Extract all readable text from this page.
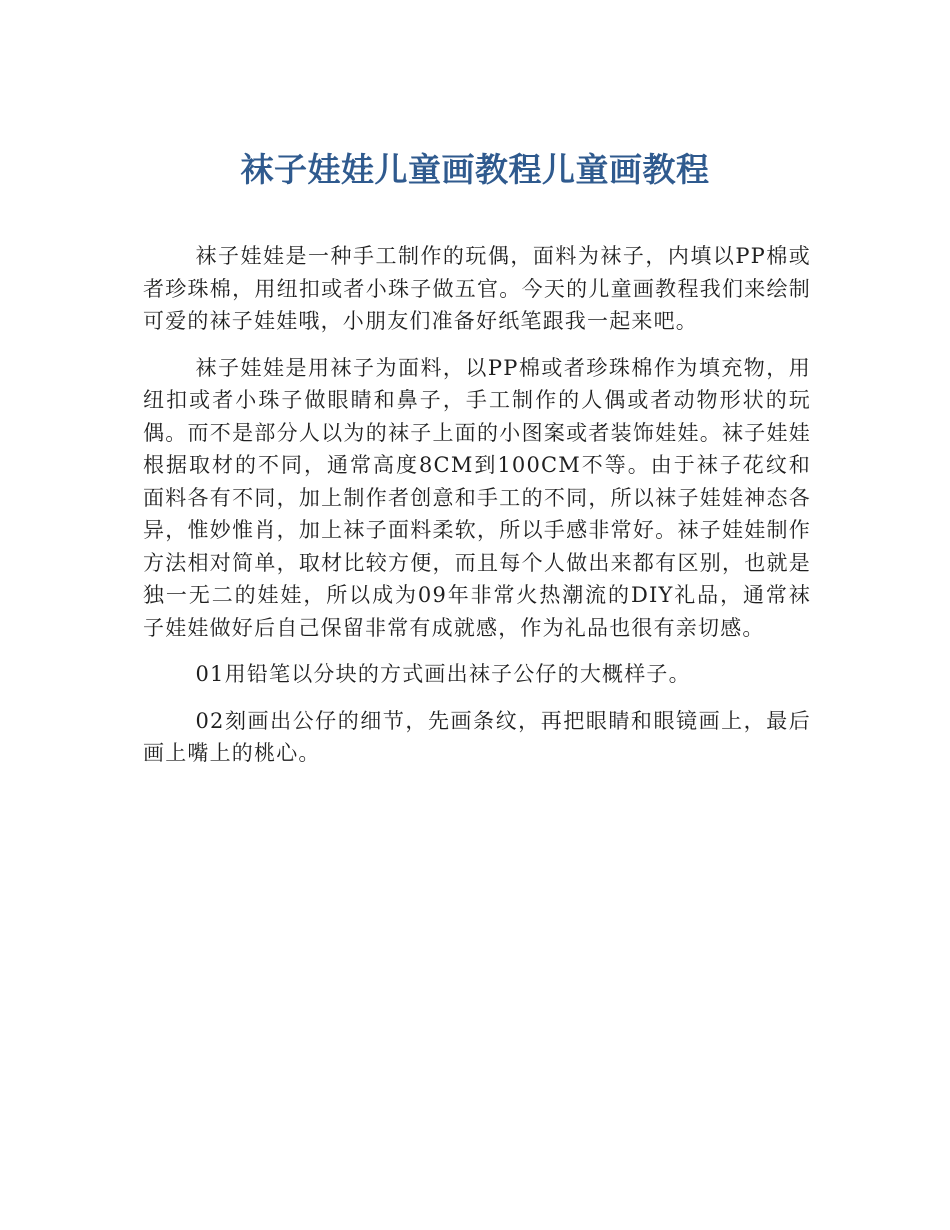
袜子娃娃儿童画教程儿童画教程

袜子娃娃是一种手工制作的玩偶，面料为袜子，内填以PP棉或者珍珠棉，用纽扣或者小珠子做五官。今天的儿童画教程我们来绘制可爱的袜子娃娃哦，小朋友们准备好纸笔跟我一起来吧。

袜子娃娃是用袜子为面料，以PP棉或者珍珠棉作为填充物，用纽扣或者小珠子做眼睛和鼻子，手工制作的人偶或者动物形状的玩偶。而不是部分人以为的袜子上面的小图案或者装饰娃娃。袜子娃娃根据取材的不同，通常高度8CM到100CM不等。由于袜子花纹和面料各有不同，加上制作者创意和手工的不同，所以袜子娃娃神态各异，惟妙惟肖，加上袜子面料柔软，所以手感非常好。袜子娃娃制作方法相对简单，取材比较方便，而且每个人做出来都有区别，也就是独一无二的娃娃，所以成为09年非常火热潮流的DIY礼品，通常袜子娃娃做好后自己保留非常有成就感，作为礼品也很有亲切感。

01用铅笔以分块的方式画出袜子公仔的大概样子。

02刻画出公仔的细节，先画条纹，再把眼睛和眼镜画上，最后画上嘴上的桃心。
